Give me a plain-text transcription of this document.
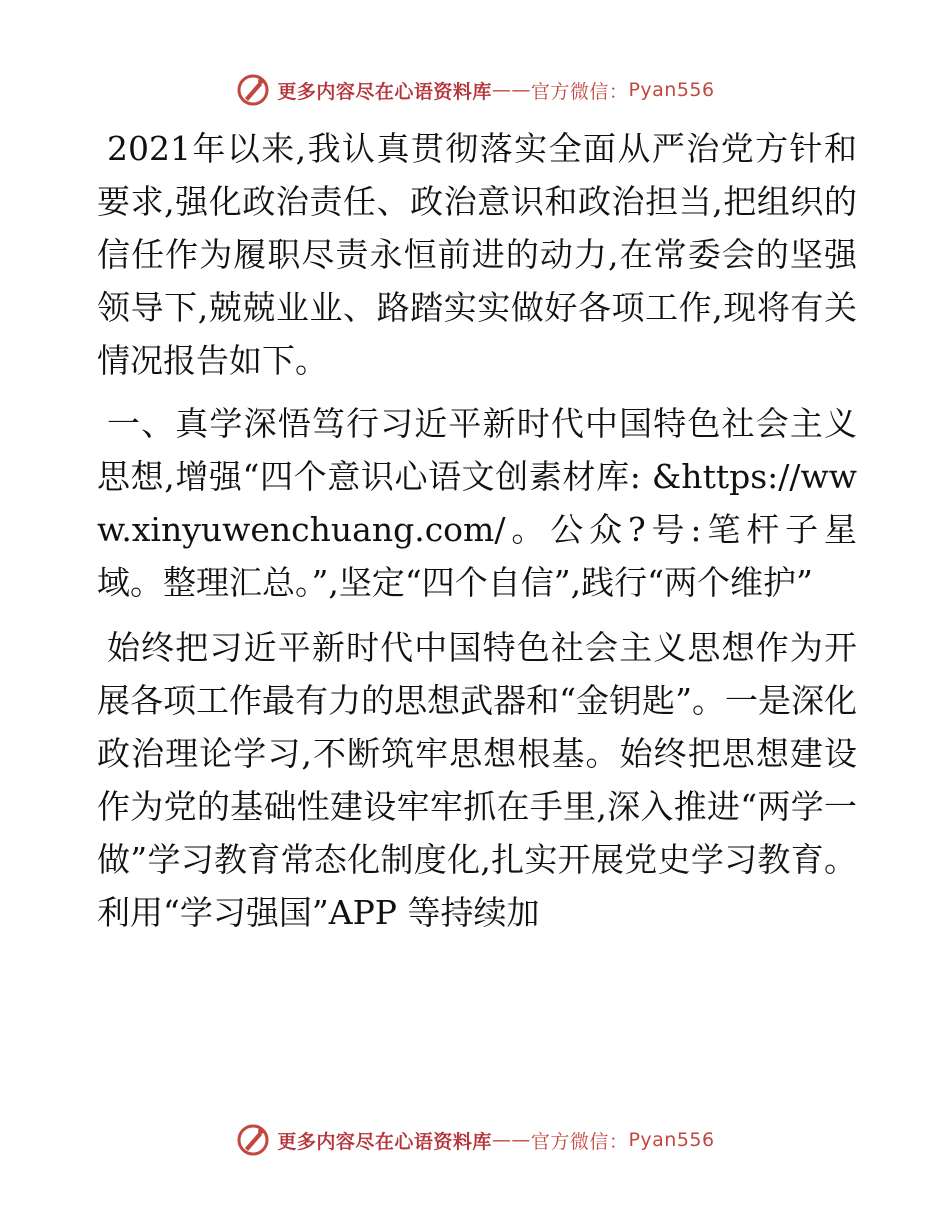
更多内容尽在心语资料库 —— 官方微信： Pyan556

2021年以来,我认真贯彻落实全面从严治党方针和要求,强化政治责任、政治意识和政治担当,把组织的信任作为履职尽责永恒前进的动力,在常委会的坚强领导下,兢兢业业、路踏实实做好各项工作,现将有关情况报告如下。

一、真学深悟笃行习近平新时代中国特色社会主义思想,增强“四个意识心语文创素材库: &https://www.xinyuwenchuang.com/。公众?号:笔杆子星域。整理汇总。”,坚定“四个自信”,践行“两个维护”

始终把习近平新时代中国特色社会主义思想作为开展各项工作最有力的思想武器和“金钥匙”。一是深化政治理论学习,不断筑牢思想根基。始终把思想建设作为党的基础性建设牢牢抓在手里,深入推进“两学一做”学习教育常态化制度化,扎实开展党史学习教育。利用“学习强国”APP 等持续加

更多内容尽在心语资料库 —— 官方微信： Pyan556
